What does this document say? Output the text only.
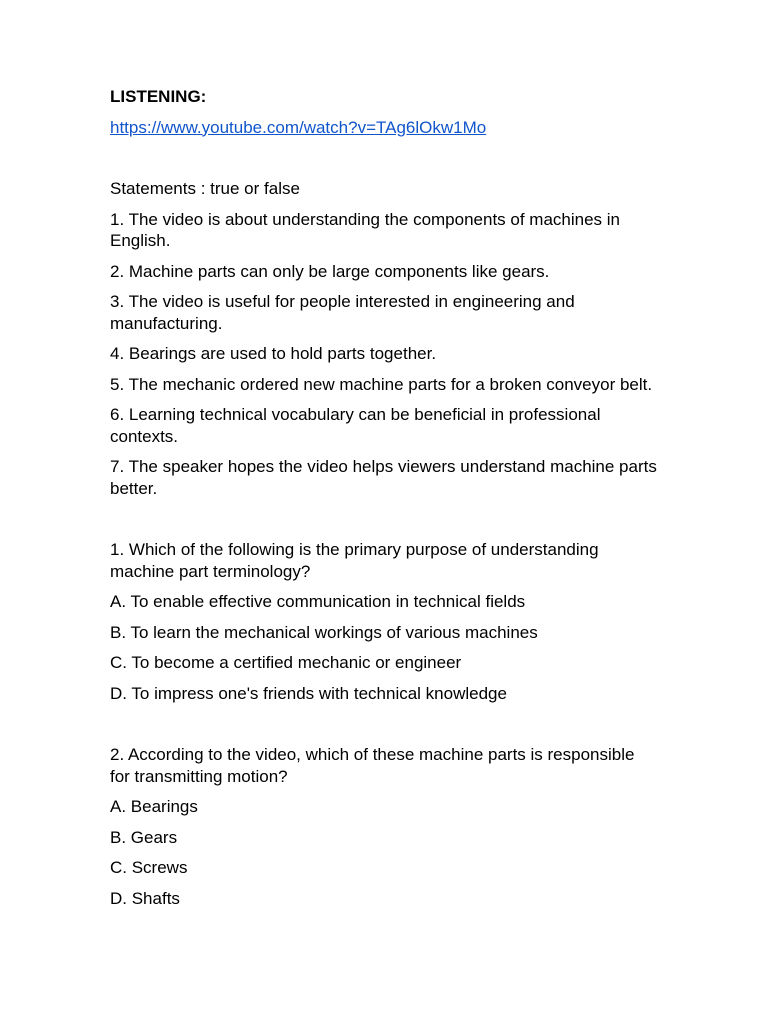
LISTENING:
https://www.youtube.com/watch?v=TAg6lOkw1Mo
Statements : true or false
1. The video is about understanding the components of machines in English.
2. Machine parts can only be large components like gears.
3. The video is useful for people interested in engineering and manufacturing.
4. Bearings are used to hold parts together.
5. The mechanic ordered new machine parts for a broken conveyor belt.
6. Learning technical vocabulary can be beneficial in professional contexts.
7. The speaker hopes the video helps viewers understand machine parts better.
1. Which of the following is the primary purpose of understanding machine part terminology?
A. To enable effective communication in technical fields
B. To learn the mechanical workings of various machines
C. To become a certified mechanic or engineer
D. To impress one's friends with technical knowledge
2. According to the video, which of these machine parts is responsible for transmitting motion?
A. Bearings
B. Gears
C. Screws
D. Shafts
